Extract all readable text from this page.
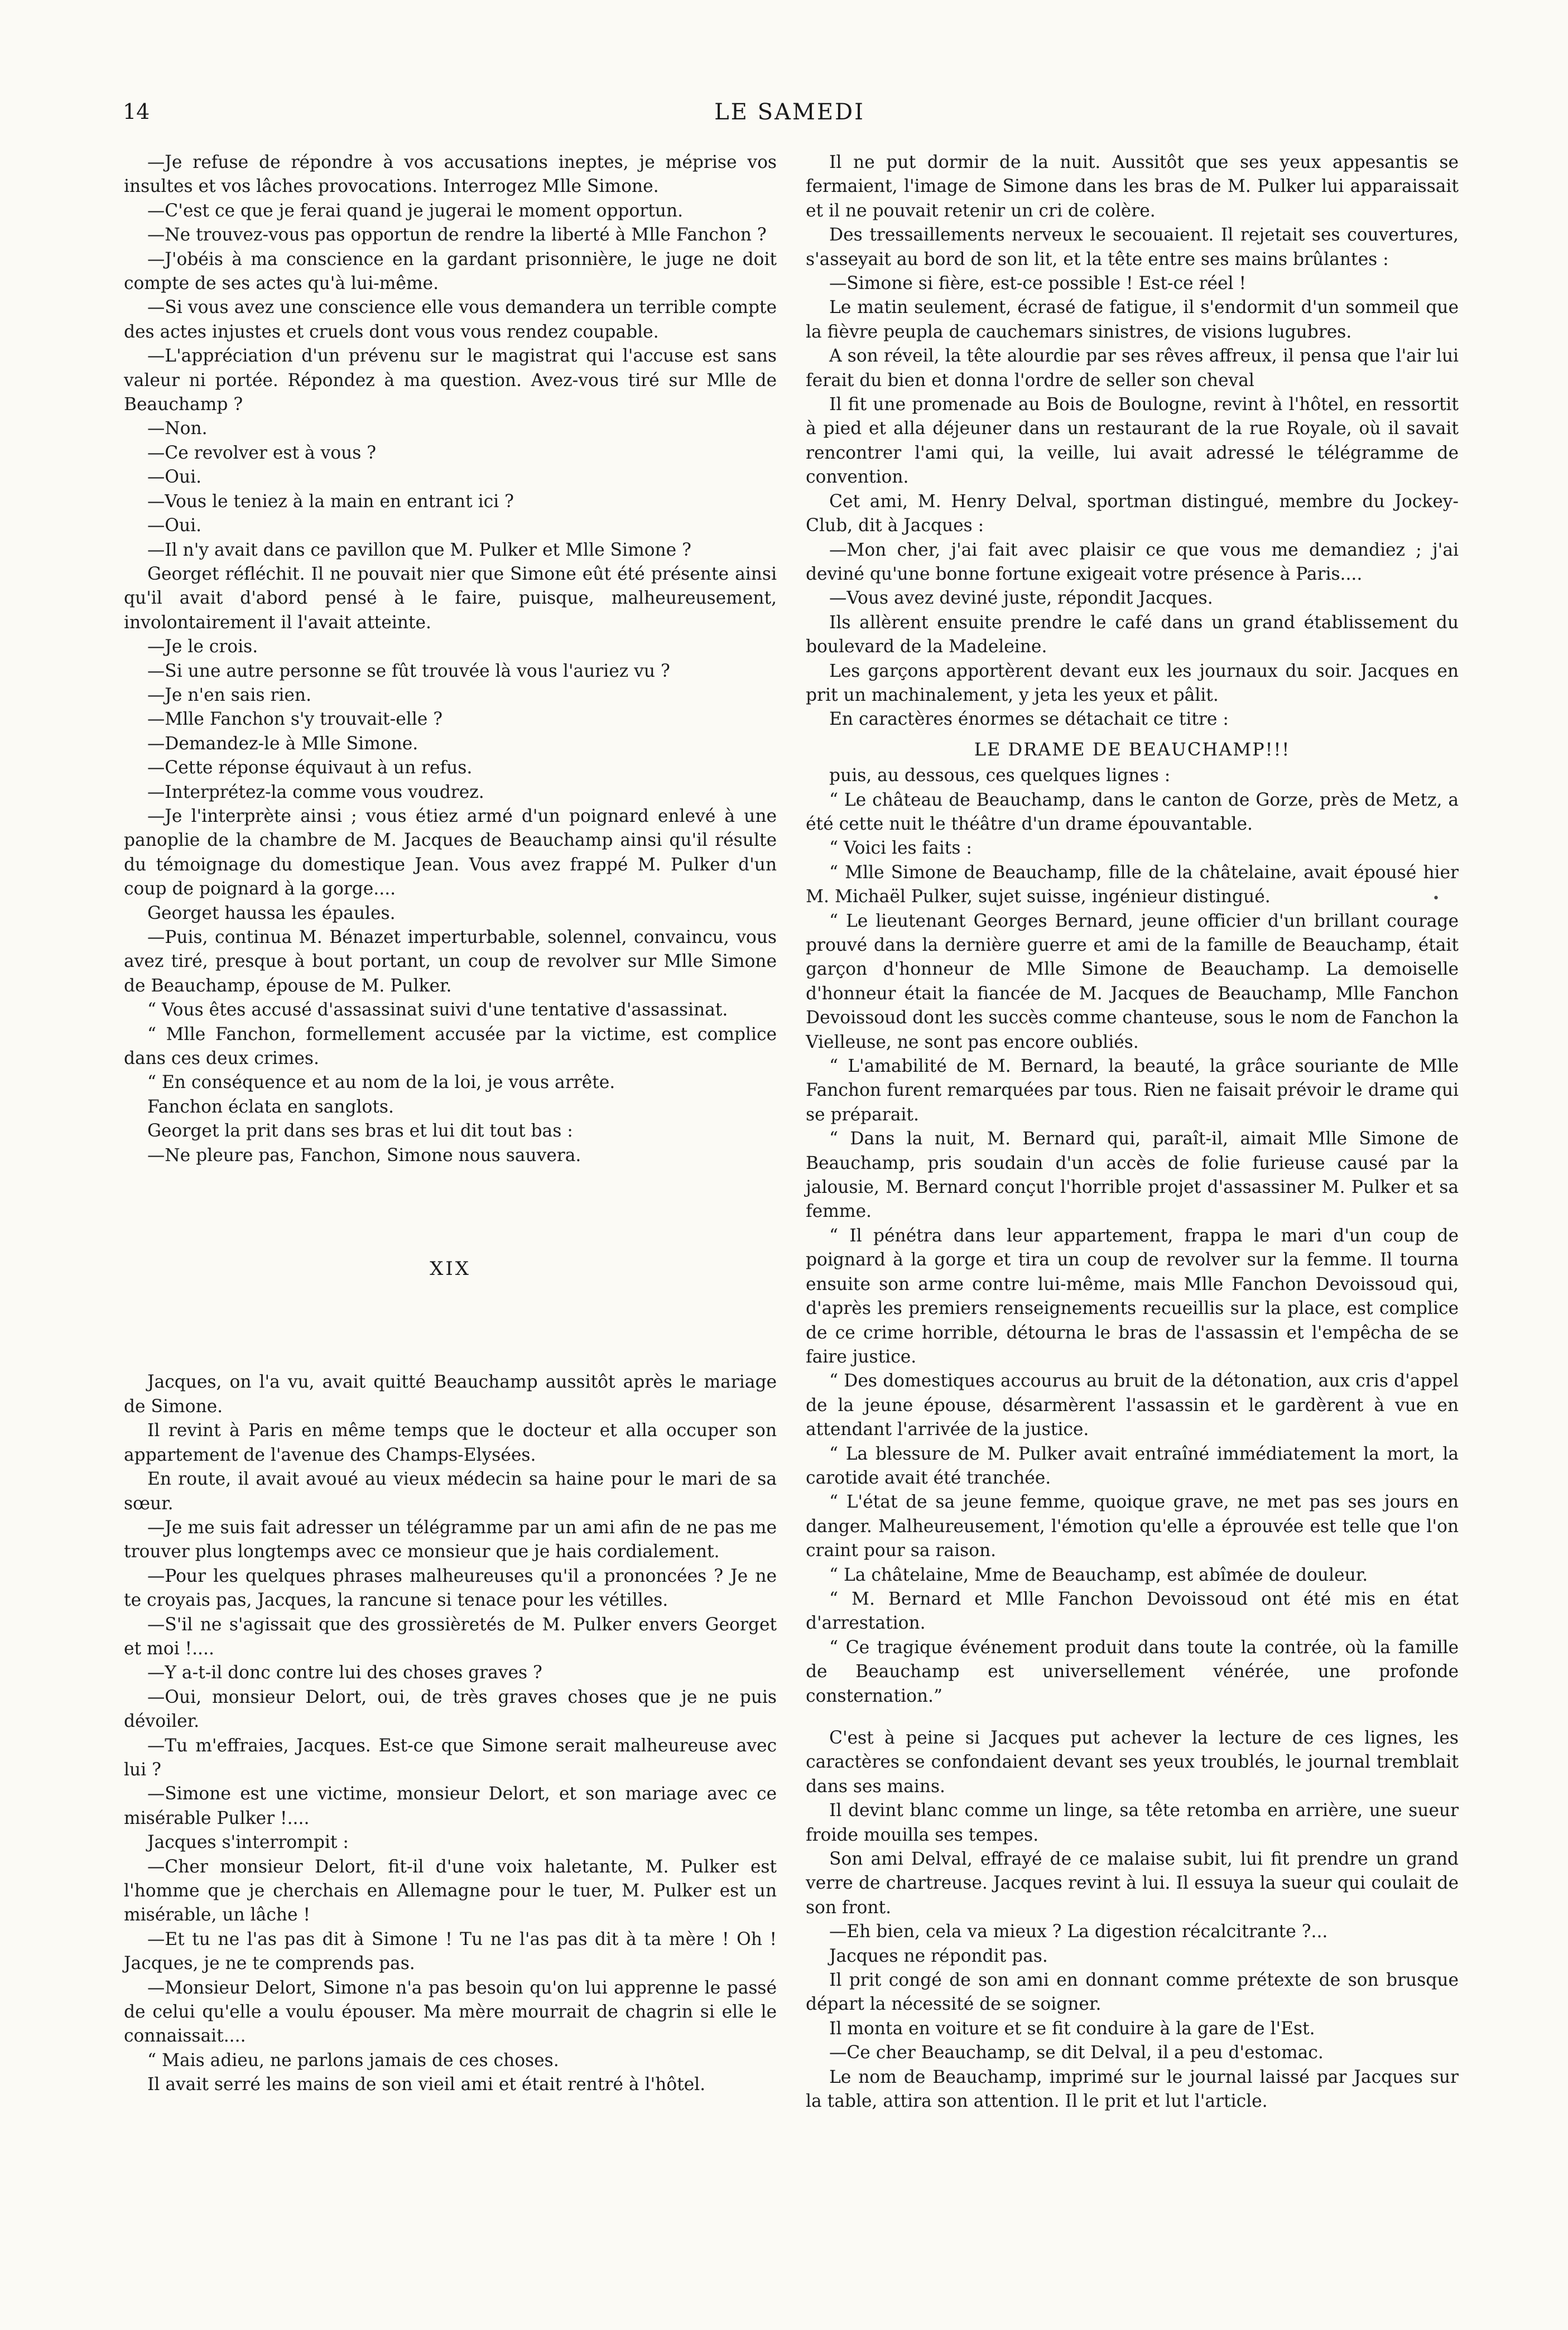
14	LE SAMEDI
•

—Je refuse de répondre à vos accusations ineptes, je méprise vos insultes et vos lâches provocations. Interrogez Mlle Simone.

—C'est ce que je ferai quand je jugerai le moment opportun.

—Ne trouvez-vous pas opportun de rendre la liberté à Mlle Fanchon ?

—J'obéis à ma conscience en la gardant prisonnière, le juge ne doit compte de ses actes qu'à lui-même.

—Si vous avez une conscience elle vous demandera un terrible compte des actes injustes et cruels dont vous vous rendez coupable.

—L'appréciation d'un prévenu sur le magistrat qui l'accuse est sans valeur ni portée. Répondez à ma question. Avez-vous tiré sur Mlle de Beauchamp ?

—Non.

—Ce revolver est à vous ?

—Oui.

—Vous le teniez à la main en entrant ici ?

—Oui.

—Il n'y avait dans ce pavillon que M. Pulker et Mlle Simone ?

Georget réfléchit. Il ne pouvait nier que Simone eût été présente ainsi qu'il avait d'abord pensé à le faire, puisque, malheureusement, involontairement il l'avait atteinte.

—Je le crois.

—Si une autre personne se fût trouvée là vous l'auriez vu ?

—Je n'en sais rien.

—Mlle Fanchon s'y trouvait-elle ?

—Demandez-le à Mlle Simone.

—Cette réponse équivaut à un refus.

—Interprétez-la comme vous voudrez.

—Je l'interprète ainsi ; vous étiez armé d'un poignard enlevé à une panoplie de la chambre de M. Jacques de Beauchamp ainsi qu'il résulte du témoignage du domestique Jean. Vous avez frappé M. Pulker d'un coup de poignard à la gorge....

Georget haussa les épaules.

—Puis, continua M. Bénazet imperturbable, solennel, convaincu, vous avez tiré, presque à bout portant, un coup de revolver sur Mlle Simone de Beauchamp, épouse de M. Pulker.

“ Vous êtes accusé d'assassinat suivi d'une tentative d'assassinat.

“ Mlle Fanchon, formellement accusée par la victime, est complice dans ces deux crimes.

“ En conséquence et au nom de la loi, je vous arrête.

Fanchon éclata en sanglots.

Georget la prit dans ses bras et lui dit tout bas :

—Ne pleure pas, Fanchon, Simone nous sauvera.

XIX

Jacques, on l'a vu, avait quitté Beauchamp aussitôt après le mariage de Simone.

Il revint à Paris en même temps que le docteur et alla occuper son appartement de l'avenue des Champs-Elysées.

En route, il avait avoué au vieux médecin sa haine pour le mari de sa sœur.

—Je me suis fait adresser un télégramme par un ami afin de ne pas me trouver plus longtemps avec ce monsieur que je hais cordialement.

—Pour les quelques phrases malheureuses qu'il a prononcées ? Je ne te croyais pas, Jacques, la rancune si tenace pour les vétilles.

—S'il ne s'agissait que des grossièretés de M. Pulker envers Georget et moi !....

—Y a-t-il donc contre lui des choses graves ?

—Oui, monsieur Delort, oui, de très graves choses que je ne puis dévoiler.

—Tu m'effraies, Jacques. Est-ce que Simone serait malheureuse avec lui ?

—Simone est une victime, monsieur Delort, et son mariage avec ce misérable Pulker !....

Jacques s'interrompit :

—Cher monsieur Delort, fit-il d'une voix haletante, M. Pulker est l'homme que je cherchais en Allemagne pour le tuer, M. Pulker est un misérable, un lâche !

—Et tu ne l'as pas dit à Simone ! Tu ne l'as pas dit à ta mère ! Oh ! Jacques, je ne te comprends pas.

—Monsieur Delort, Simone n'a pas besoin qu'on lui apprenne le passé de celui qu'elle a voulu épouser. Ma mère mourrait de chagrin si elle le connaissait....

“ Mais adieu, ne parlons jamais de ces choses.

Il avait serré les mains de son vieil ami et était rentré à l'hôtel.

Il ne put dormir de la nuit. Aussitôt que ses yeux appesantis se fermaient, l'image de Simone dans les bras de M. Pulker lui apparaissait et il ne pouvait retenir un cri de colère.

Des tressaillements nerveux le secouaient. Il rejetait ses couvertures, s'asseyait au bord de son lit, et la tête entre ses mains brûlantes :

—Simone si fière, est-ce possible ! Est-ce réel !

Le matin seulement, écrasé de fatigue, il s'endormit d'un sommeil que la fièvre peupla de cauchemars sinistres, de visions lugubres.

A son réveil, la tête alourdie par ses rêves affreux, il pensa que l'air lui ferait du bien et donna l'ordre de seller son cheval

Il fit une promenade au Bois de Boulogne, revint à l'hôtel, en ressortit à pied et alla déjeuner dans un restaurant de la rue Royale, où il savait rencontrer l'ami qui, la veille, lui avait adressé le télégramme de convention.

Cet ami, M. Henry Delval, sportman distingué, membre du Jockey-Club, dit à Jacques :

—Mon cher, j'ai fait avec plaisir ce que vous me demandiez ; j'ai deviné qu'une bonne fortune exigeait votre présence à Paris....

—Vous avez deviné juste, répondit Jacques.

Ils allèrent ensuite prendre le café dans un grand établissement du boulevard de la Madeleine.

Les garçons apportèrent devant eux les journaux du soir. Jacques en prit un machinalement, y jeta les yeux et pâlit.

En caractères énormes se détachait ce titre :

LE DRAME DE BEAUCHAMP!!!

puis, au dessous, ces quelques lignes :

“ Le château de Beauchamp, dans le canton de Gorze, près de Metz, a été cette nuit le théâtre d'un drame épouvantable.

“ Voici les faits :

“ Mlle Simone de Beauchamp, fille de la châtelaine, avait épousé hier M. Michaël Pulker, sujet suisse, ingénieur distingué.

“ Le lieutenant Georges Bernard, jeune officier d'un brillant courage prouvé dans la dernière guerre et ami de la famille de Beauchamp, était garçon d'honneur de Mlle Simone de Beauchamp. La demoiselle d'honneur était la fiancée de M. Jacques de Beauchamp, Mlle Fanchon Devoissoud dont les succès comme chanteuse, sous le nom de Fanchon la Vielleuse, ne sont pas encore oubliés.

“ L'amabilité de M. Bernard, la beauté, la grâce souriante de Mlle Fanchon furent remarquées par tous. Rien ne faisait prévoir le drame qui se préparait.

“ Dans la nuit, M. Bernard qui, paraît-il, aimait Mlle Simone de Beauchamp, pris soudain d'un accès de folie furieuse causé par la jalousie, M. Bernard conçut l'horrible projet d'assassiner M. Pulker et sa femme.

“ Il pénétra dans leur appartement, frappa le mari d'un coup de poignard à la gorge et tira un coup de revolver sur la femme. Il tourna ensuite son arme contre lui-même, mais Mlle Fanchon Devoissoud qui, d'après les premiers renseignements recueillis sur la place, est complice de ce crime horrible, détourna le bras de l'assassin et l'empêcha de se faire justice.

“ Des domestiques accourus au bruit de la détonation, aux cris d'appel de la jeune épouse, désarmèrent l'assassin et le gardèrent à vue en attendant l'arrivée de la justice.

“ La blessure de M. Pulker avait entraîné immédiatement la mort, la carotide avait été tranchée.

“ L'état de sa jeune femme, quoique grave, ne met pas ses jours en danger. Malheureusement, l'émotion qu'elle a éprouvée est telle que l'on craint pour sa raison.

“ La châtelaine, Mme de Beauchamp, est abîmée de douleur.

“ M. Bernard et Mlle Fanchon Devoissoud ont été mis en état d'arrestation.

“ Ce tragique événement produit dans toute la contrée, où la famille de Beauchamp est universellement vénérée, une profonde consternation.”

C'est à peine si Jacques put achever la lecture de ces lignes, les caractères se confondaient devant ses yeux troublés, le journal tremblait dans ses mains.

Il devint blanc comme un linge, sa tête retomba en arrière, une sueur froide mouilla ses tempes.

Son ami Delval, effrayé de ce malaise subit, lui fit prendre un grand verre de chartreuse. Jacques revint à lui. Il essuya la sueur qui coulait de son front.

—Eh bien, cela va mieux ? La digestion récalcitrante ?...

Jacques ne répondit pas.

Il prit congé de son ami en donnant comme prétexte de son brusque départ la nécessité de se soigner.

Il monta en voiture et se fit conduire à la gare de l'Est.

—Ce cher Beauchamp, se dit Delval, il a peu d'estomac.

Le nom de Beauchamp, imprimé sur le journal laissé par Jacques sur la table, attira son attention. Il le prit et lut l'article.
